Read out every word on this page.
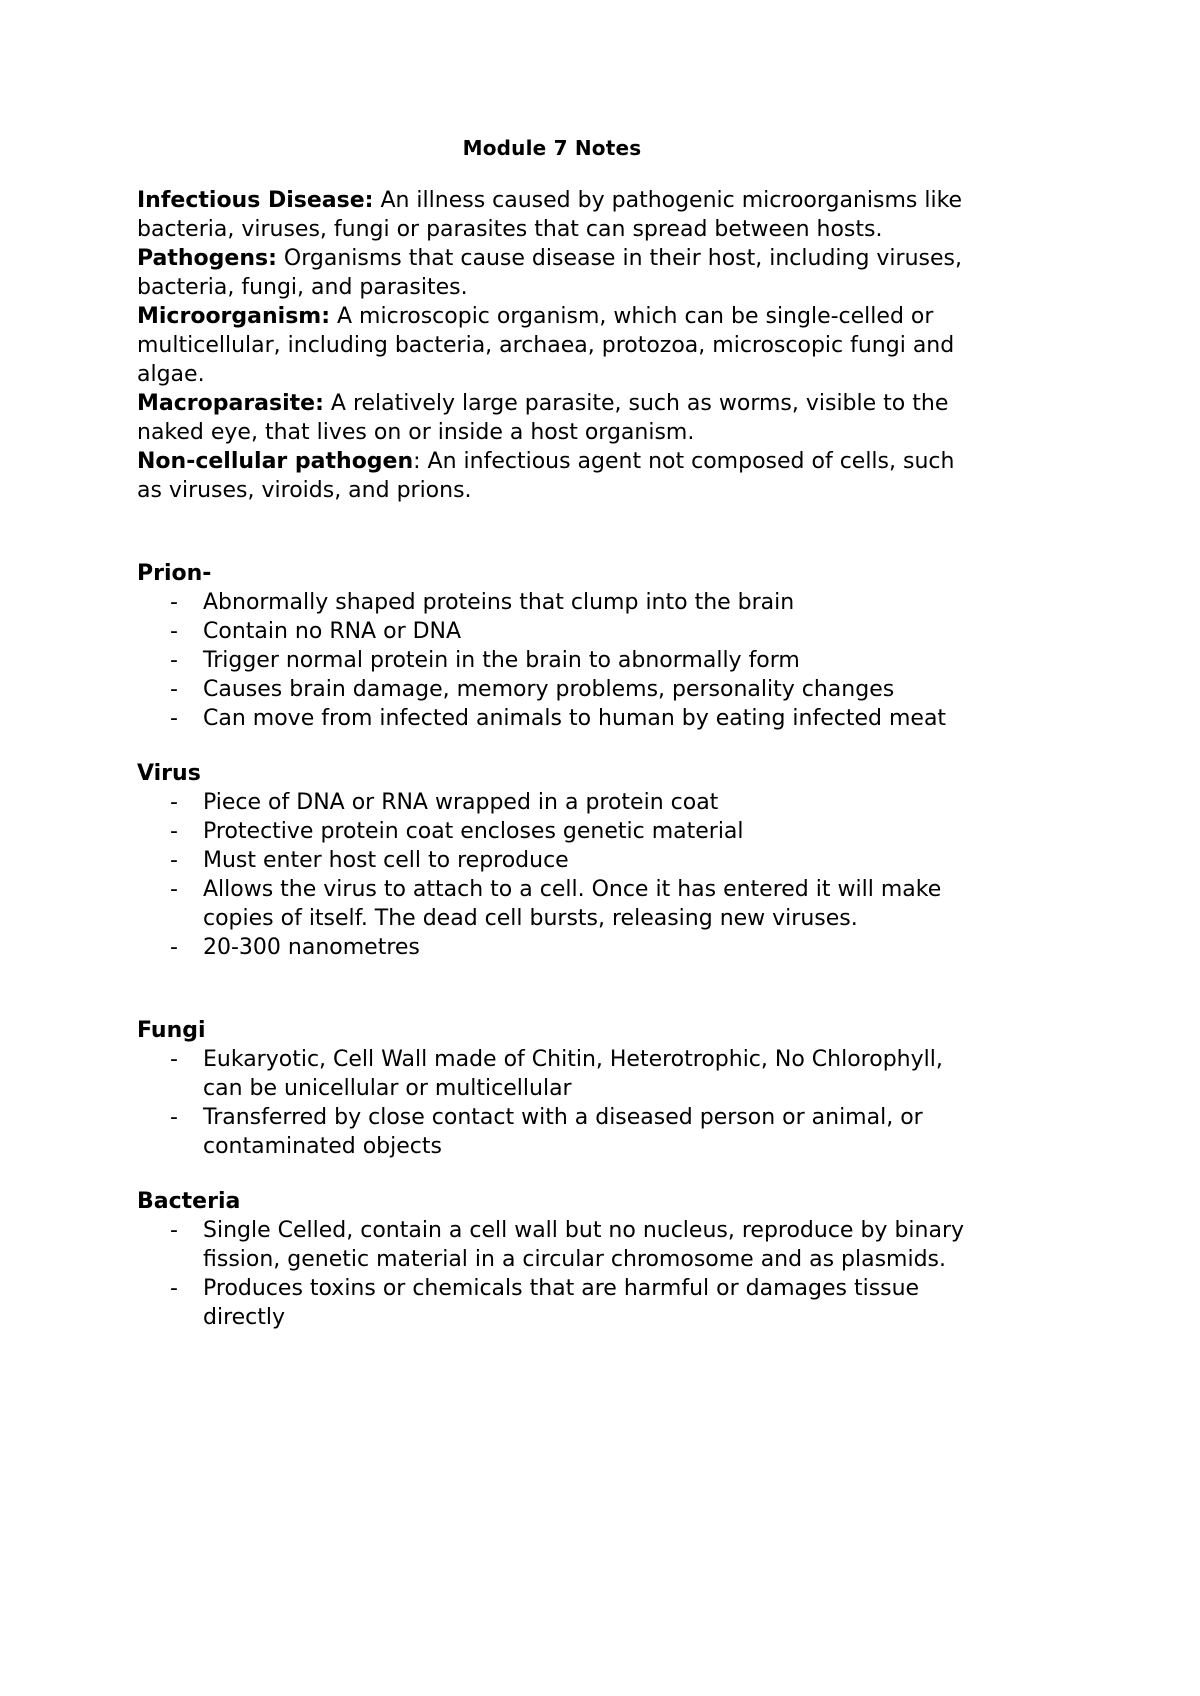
Module 7 Notes

Infectious Disease: An illness caused by pathogenic microorganisms like bacteria, viruses, fungi or parasites that can spread between hosts.

Pathogens: Organisms that cause disease in their host, including viruses, bacteria, fungi, and parasites.

Microorganism: A microscopic organism, which can be single-celled or multicellular, including bacteria, archaea, protozoa, microscopic fungi and algae.

Macroparasite: A relatively large parasite, such as worms, visible to the naked eye, that lives on or inside a host organism.

Non-cellular pathogen: An infectious agent not composed of cells, such as viruses, viroids, and prions.

Prion-
- Abnormally shaped proteins that clump into the brain
- Contain no RNA or DNA
- Trigger normal protein in the brain to abnormally form
- Causes brain damage, memory problems, personality changes
- Can move from infected animals to human by eating infected meat
Virus
- Piece of DNA or RNA wrapped in a protein coat
- Protective protein coat encloses genetic material
- Must enter host cell to reproduce
- Allows the virus to attach to a cell. Once it has entered it will make copies of itself. The dead cell bursts, releasing new viruses.
- 20-300 nanometres
Fungi
- Eukaryotic, Cell Wall made of Chitin, Heterotrophic, No Chlorophyll, can be unicellular or multicellular
- Transferred by close contact with a diseased person or animal, or contaminated objects
Bacteria
- Single Celled, contain a cell wall but no nucleus, reproduce by binary fission, genetic material in a circular chromosome and as plasmids.
- Produces toxins or chemicals that are harmful or damages tissue directly
